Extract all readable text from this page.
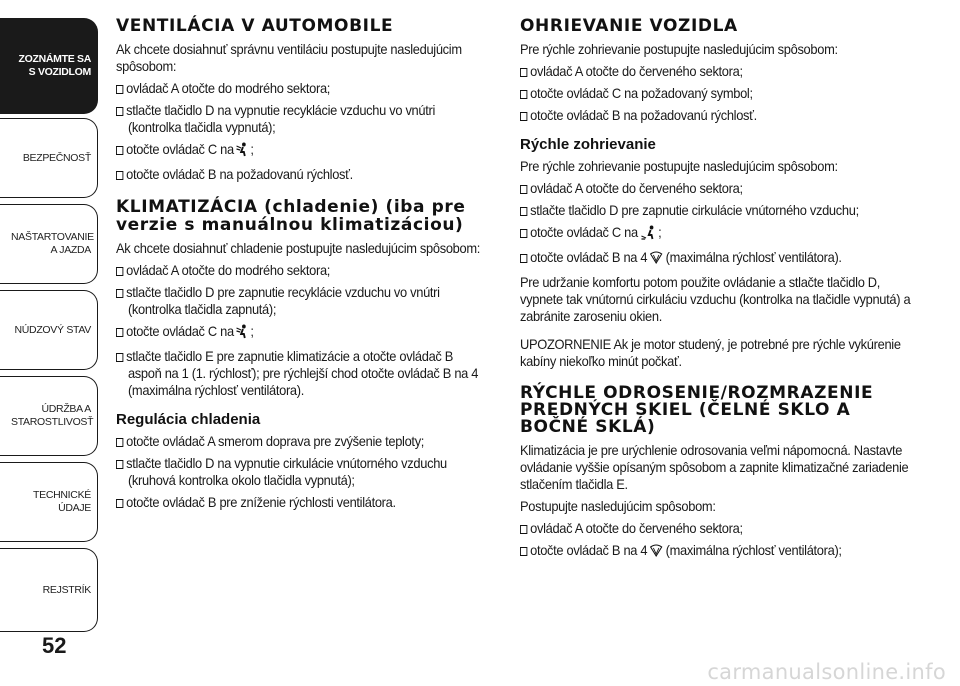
ZOZNÁMTE SA S VOZIDLOM
BEZPEČNOSŤ
NAŠTARTOVANIE A JAZDA
NÚDZOVÝ STAV
ÚDRŽBA A STAROSTLIVOSŤ
TECHNICKÉ ÚDAJE
REJSTRÍK
52
VENTILÁCIA V AUTOMOBILE
Ak chcete dosiahnuť správnu ventiláciu postupujte nasledujúcim spôsobom:
ovládač A otočte do modrého sektora;
stlačte tlačidlo D na vypnutie recyklácie vzduchu vo vnútri (kontrolka tlačidla vypnutá);
otočte ovládač C na ;
otočte ovládač B na požadovanú rýchlosť.
KLIMATIZÁCIA (chladenie) (iba pre verzie s manuálnou klimatizáciou)
Ak chcete dosiahnuť chladenie postupujte nasledujúcim spôsobom:
ovládač A otočte do modrého sektora;
stlačte tlačidlo D pre zapnutie recyklácie vzduchu vo vnútri (kontrolka tlačidla zapnutá);
otočte ovládač C na ;
stlačte tlačidlo E pre zapnutie klimatizácie a otočte ovládač B aspoň na 1 (1. rýchlosť); pre rýchlejší chod otočte ovládač B na 4 (maximálna rýchlosť ventilátora).
Regulácia chladenia
otočte ovládač A smerom doprava pre zvýšenie teploty;
stlačte tlačidlo D na vypnutie cirkulácie vnútorného vzduchu (kruhová kontrolka okolo tlačidla vypnutá);
otočte ovládač B pre zníženie rýchlosti ventilátora.
OHRIEVANIE VOZIDLA
Pre rýchle zohrievanie postupujte nasledujúcim spôsobom:
ovládač A otočte do červeného sektora;
otočte ovládač C na požadovaný symbol;
otočte ovládač B na požadovanú rýchlosť.
Rýchle zohrievanie
Pre rýchle zohrievanie postupujte nasledujúcim spôsobom:
ovládač A otočte do červeného sektora;
stlačte tlačidlo D pre zapnutie cirkulácie vnútorného vzduchu;
otočte ovládač C na ;
otočte ovládač B na 4 (maximálna rýchlosť ventilátora).
Pre udržanie komfortu potom použite ovládanie a stlačte tlačidlo D, vypnete tak vnútornú cirkuláciu vzduchu (kontrolka na tlačidle vypnutá) a zabránite zaroseniu okien.
UPOZORNENIE Ak je motor studený, je potrebné pre rýchle vykúrenie kabíny niekoľko minút počkať.
RÝCHLE ODROSENIE/ROZMRAZENIE PREDNÝCH SKIEL (ČELNÉ SKLO A BOČNÉ SKLÁ)
Klimatizácia je pre urýchlenie odrosovania veľmi nápomocná. Nastavte ovládanie vyššie opísaným spôsobom a zapnite klimatizačné zariadenie stlačením tlačidla E.
Postupujte nasledujúcim spôsobom:
ovládač A otočte do červeného sektora;
otočte ovládač B na 4 (maximálna rýchlosť ventilátora);
carmanualsonline.info
